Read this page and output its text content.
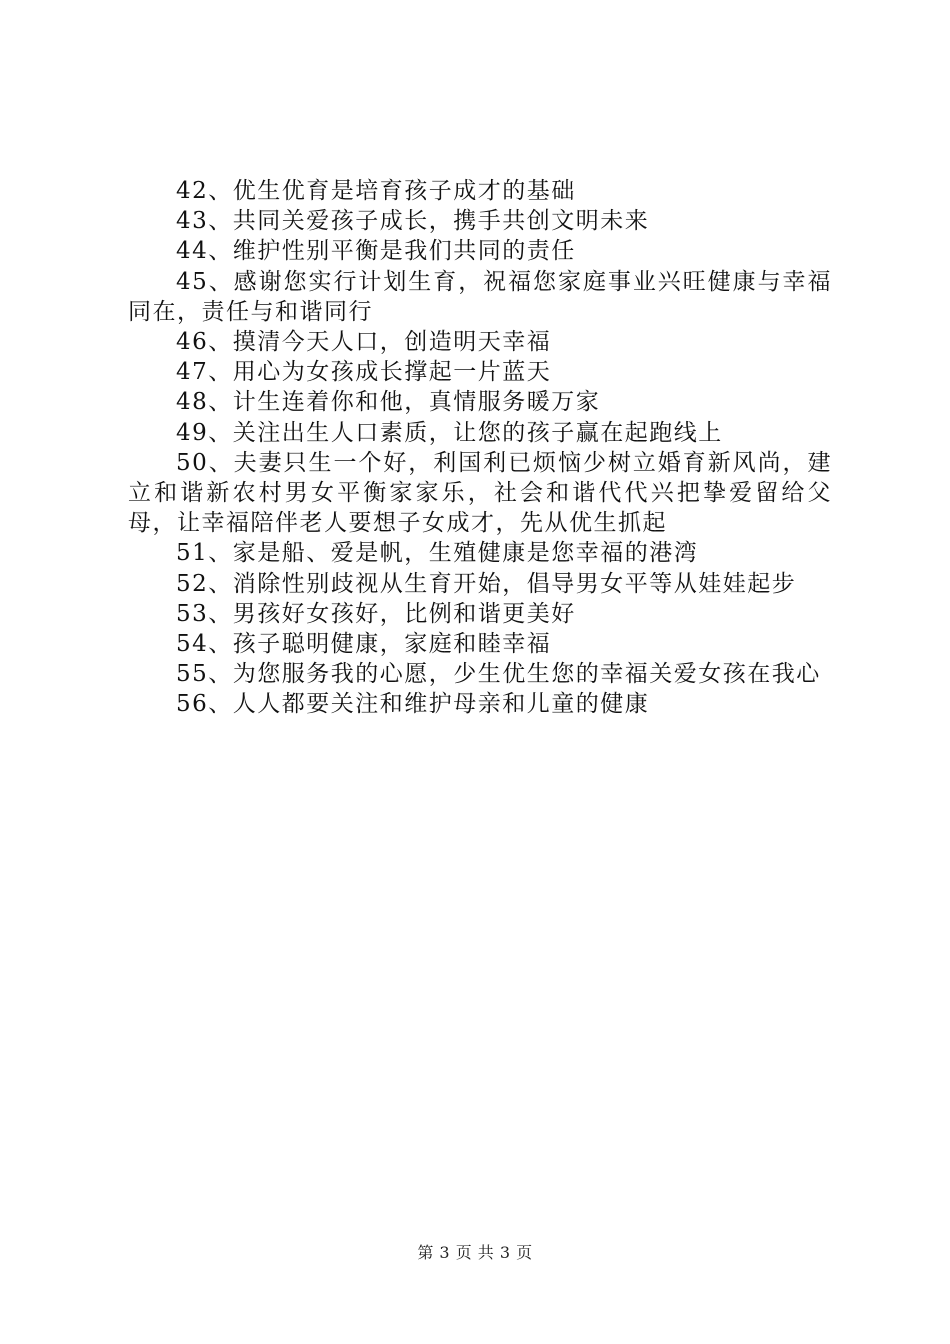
42、优生优育是培育孩子成才的基础

43、共同关爱孩子成长，携手共创文明未来

44、维护性别平衡是我们共同的责任

45、感谢您实行计划生育，祝福您家庭事业兴旺健康与幸福同在，责任与和谐同行

46、摸清今天人口，创造明天幸福

47、用心为女孩成长撑起一片蓝天

48、计生连着你和他，真情服务暖万家

49、关注出生人口素质，让您的孩子赢在起跑线上

50、夫妻只生一个好，利国利已烦恼少树立婚育新风尚，建立和谐新农村男女平衡家家乐，社会和谐代代兴把挚爱留给父母，让幸福陪伴老人要想子女成才，先从优生抓起

51、家是船、爱是帆，生殖健康是您幸福的港湾

52、消除性别歧视从生育开始，倡导男女平等从娃娃起步

53、男孩好女孩好，比例和谐更美好

54、孩子聪明健康，家庭和睦幸福

55、为您服务我的心愿，少生优生您的幸福关爱女孩在我心

56、人人都要关注和维护母亲和儿童的健康

第 3 页 共 3 页
